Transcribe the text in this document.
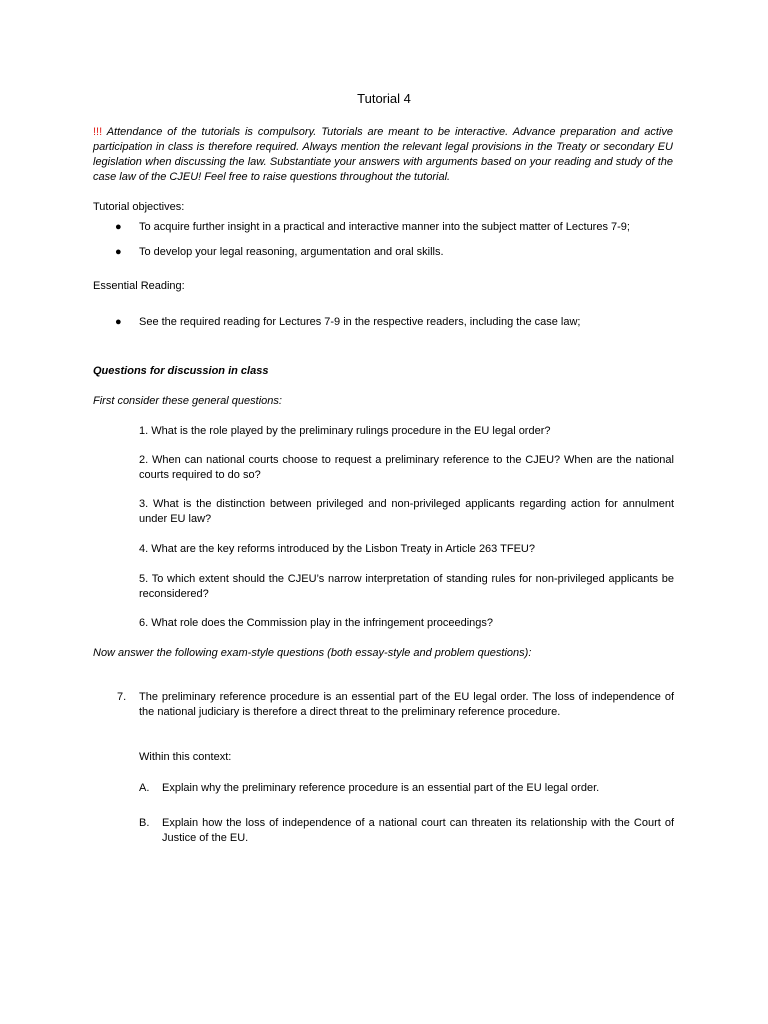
Tutorial 4
!!! Attendance of the tutorials is compulsory. Tutorials are meant to be interactive. Advance preparation and active participation in class is therefore required. Always mention the relevant legal provisions in the Treaty or secondary EU legislation when discussing the law. Substantiate your answers with arguments based on your reading and study of the case law of the CJEU! Feel free to raise questions throughout the tutorial.
Tutorial objectives:
● To acquire further insight in a practical and interactive manner into the subject matter of Lectures 7-9;
● To develop your legal reasoning, argumentation and oral skills.
Essential Reading:
● See the required reading for Lectures 7-9 in the respective readers, including the case law;
Questions for discussion in class
First consider these general questions:
1. What is the role played by the preliminary rulings procedure in the EU legal order?
2. When can national courts choose to request a preliminary reference to the CJEU? When are the national courts required to do so?
3. What is the distinction between privileged and non-privileged applicants regarding action for annulment under EU law?
4. What are the key reforms introduced by the Lisbon Treaty in Article 263 TFEU?
5. To which extent should the CJEU’s narrow interpretation of standing rules for non-privileged applicants be reconsidered?
6. What role does the Commission play in the infringement proceedings?
Now answer the following exam-style questions (both essay-style and problem questions):
7. The preliminary reference procedure is an essential part of the EU legal order. The loss of independence of the national judiciary is therefore a direct threat to the preliminary reference procedure.
Within this context:
A. Explain why the preliminary reference procedure is an essential part of the EU legal order.
B. Explain how the loss of independence of a national court can threaten its relationship with the Court of Justice of the EU.
